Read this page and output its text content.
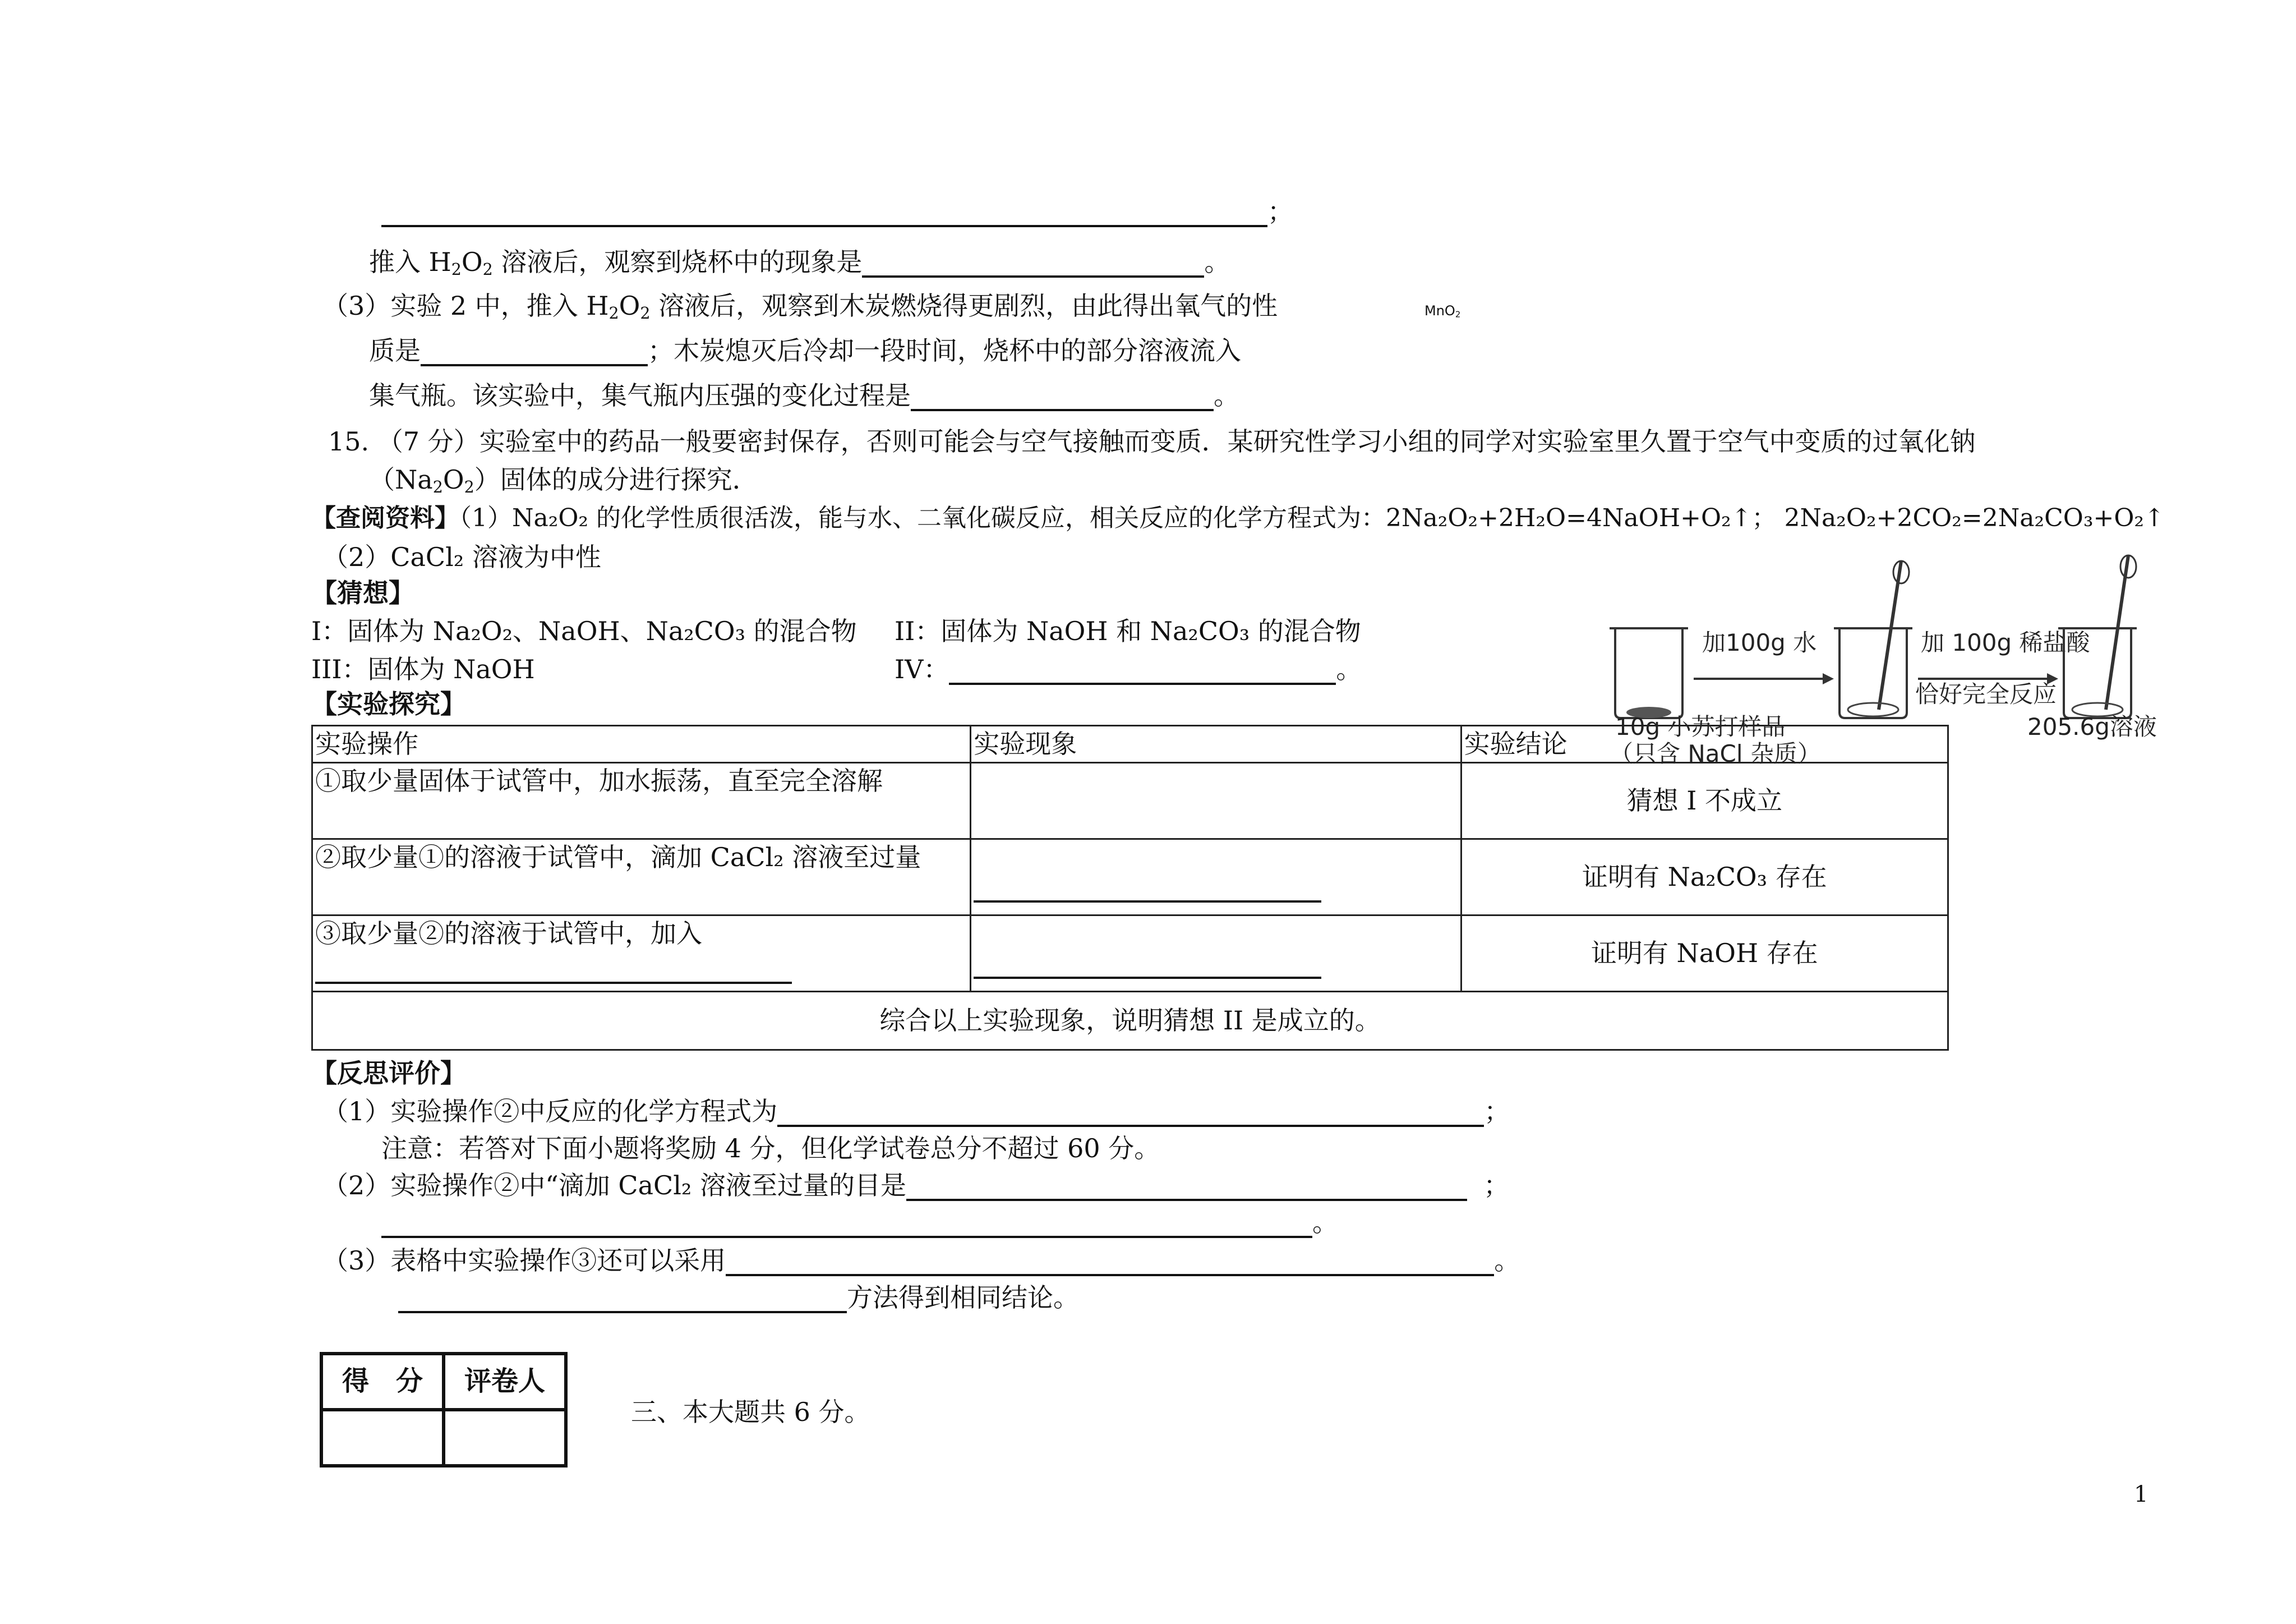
；
推入 $H_2O_2$ 溶液后，观察到烧杯中的现象是	。
（3）实验 2 中，推入 $H_2O_2$ 溶液后，观察到木炭燃烧得更剧烈，由此得出氧气的性	MnO$_2$
质是	；木炭熄灭后冷却一段时间，烧杯中的部分溶液流入
集气瓶。该实验中，集气瓶内压强的变化过程是	。
15. （7 分）实验室中的药品一般要密封保存，否则可能会与空气接触而变质．某研究性学习小组的同学对实验室里久置于空气中变质的过氧化钠
$(Na_2O_2)$固体的成分进行探究．
【查阅资料】（1）Na₂O₂ 的化学性质很活泼，能与水、二氧化碳反应，相关反应的化学方程式为：2Na₂O₂+2H₂O=4NaOH+O₂↑； 2Na₂O₂+2CO₂=2Na₂CO₃+O₂↑
（2）CaCl₂ 溶液为中性
【猜想】
I：固体为 Na₂O₂、NaOH、Na₂CO₃ 的混合物 II：固体为 NaOH 和 Na₂CO₃ 的混合物
III：固体为 NaOH	IV：	。
加100g 水	加 100g 稀盐酸
恰好完全反应
10g 小苏打样品
（只含 NaCl 杂质）
205.6g溶液
【实验探究】
实验操作	实验现象	实验结论
①取少量固体于试管中，加水振荡，直至完全溶解		猜想 I 不成立
②取少量①的溶液于试管中，滴加 CaCl₂ 溶液至过量		证明有 Na₂CO₃ 存在
③取少量②的溶液于试管中，加入		证明有 NaOH 存在
综合以上实验现象，说明猜想 II 是成立的。		
【反思评价】
（1）实验操作②中反应的化学方程式为	；
注意：若答对下面小题将奖励 4 分，但化学试卷总分不超过 60 分。
（2）实验操作②中“滴加 CaCl₂ 溶液至过量的目是	；
。
（3）表格中实验操作③还可以采用	。
方法得到相同结论。
得　分	评卷人

三、本大题共 6 分。
1
